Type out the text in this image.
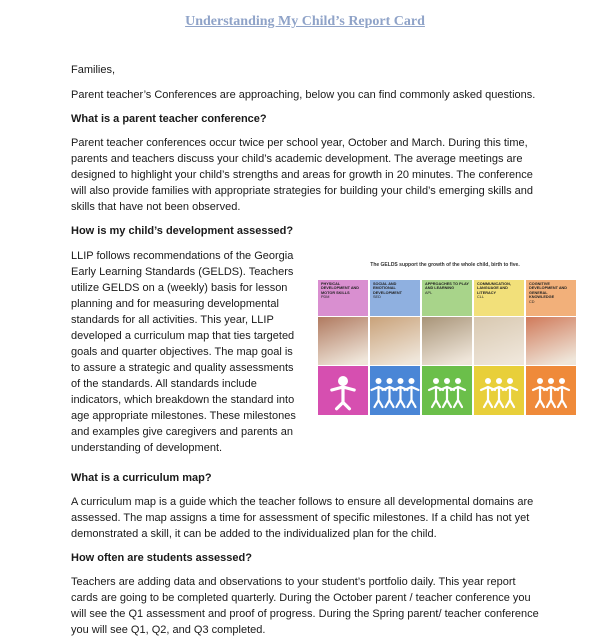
Understanding My Child’s Report Card

Families,

Parent teacher’s Conferences are approaching, below you can find commonly asked questions.

What is a parent teacher conference?

Parent teacher conferences occur twice per school year, October and March. During this time, parents and teachers discuss your child’s academic development. The average meetings are designed to highlight your child’s strengths and areas for growth in 20 minutes. The conference will also provide families with appropriate strategies for building your child’s emerging skills and skills that have not been observed.

How is my child’s development assessed?

LLIP follows recommendations of the Georgia Early Learning Standards (GELDS). Teachers utilize GELDS on a (weekly) basis for lesson planning and for measuring developmental standards for all activities. This year, LLIP developed a curriculum map that ties targeted goals and quarter objectives. The map goal is to assure a strategic and quality assessments of the standards. All standards include indicators, which breakdown the standard into age appropriate milestones. These milestones and examples give caregivers and parents an understanding of development.

The GELDS support the growth of the whole child, birth to five.
PHYSICAL DEVELOPMENT AND MOTOR SKILLS
PDM
SOCIAL AND EMOTIONAL DEVELOPMENT
SED
APPROACHES TO PLAY AND LEARNING
APL
COMMUNICATION, LANGUAGE AND LITERACY
CLL
COGNITIVE DEVELOPMENT AND GENERAL KNOWLEDGE
CD

What is a curriculum map?

A curriculum map is a guide which the teacher follows to ensure all developmental domains are assessed. The map assigns a time for assessment of specific milestones. If a child has not yet demonstrated a skill, it can be added to the individualized plan for the child.

How often are students assessed?

Teachers are adding data and observations to your student’s portfolio daily. This year report cards are going to be completed quarterly. During the October parent / teacher conference you will see the Q1 assessment and proof of progress. During the Spring parent/ teacher conference you will see Q1, Q2, and Q3 completed.
